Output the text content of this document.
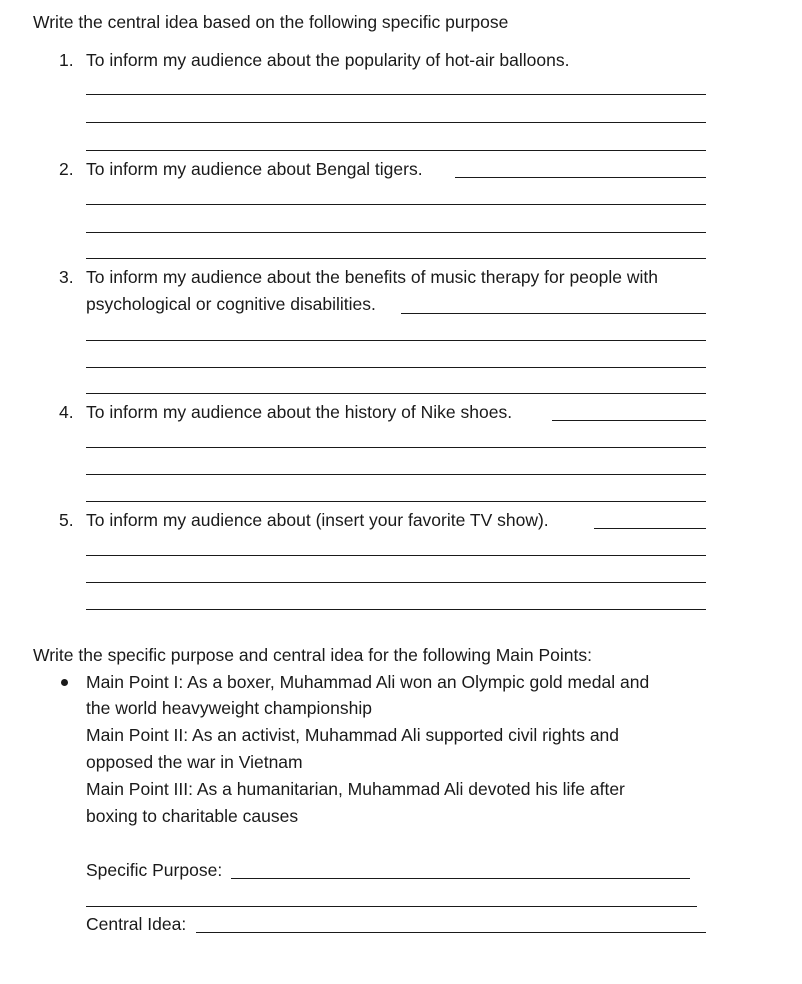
Write the central idea based on the following specific purpose
1. To inform my audience about the popularity of hot-air balloons.
2. To inform my audience about Bengal tigers.
3. To inform my audience about the benefits of music therapy for people with
psychological or cognitive disabilities.
4. To inform my audience about the history of Nike shoes.
5. To inform my audience about (insert your favorite TV show).
Write the specific purpose and central idea for the following Main Points:
Main Point I: As a boxer, Muhammad Ali won an Olympic gold medal and
the world heavyweight championship
Main Point II: As an activist, Muhammad Ali supported civil rights and
opposed the war in Vietnam
Main Point III: As a humanitarian, Muhammad Ali devoted his life after
boxing to charitable causes
Specific Purpose:
Central Idea:
